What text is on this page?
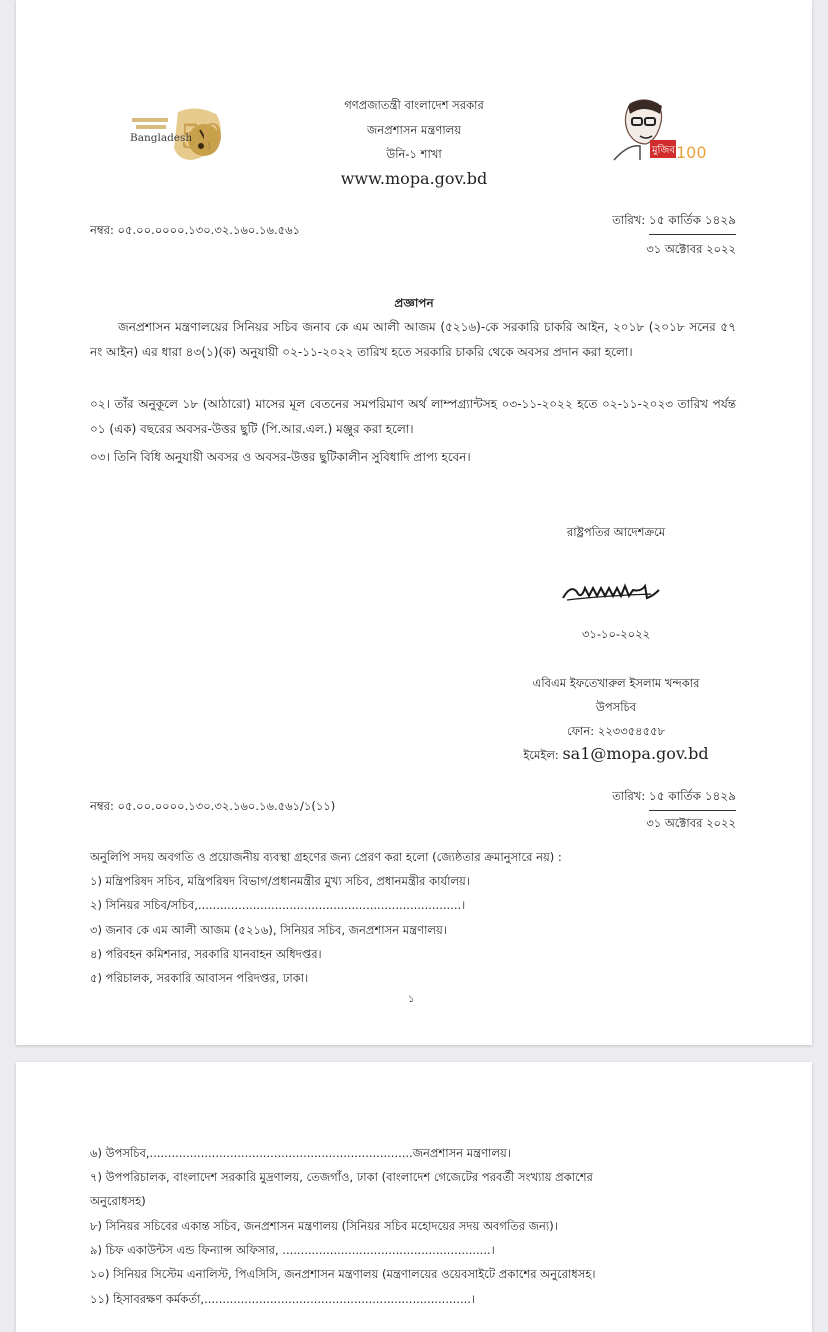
50
Bangladesh
মুজিব 100
গণপ্রজাতন্ত্রী বাংলাদেশ সরকার
জনপ্রশাসন মন্ত্রণালয়
উনি-১ শাখা
www.mopa.gov.bd
নম্বর: ০৫.০০.০০০০.১৩০.৩২.১৬০.১৬.৫৬১
তারিখ: ১৫ কার্তিক ১৪২৯
৩১ অক্টোবর ২০২২
প্রজ্ঞাপন
জনপ্রশাসন মন্ত্রণালয়ের সিনিয়র সচিব জনাব কে এম আলী আজম (৫২১৬)-কে সরকারি চাকরি আইন, ২০১৮ (২০১৮ সনের ৫৭ নং আইন) এর ধারা ৪৩(১)(ক) অনুযায়ী ০২-১১-২০২২ তারিখ হতে সরকারি চাকরি থেকে অবসর প্রদান করা হলো।
০২। তাঁর অনুকূলে ১৮ (আঠারো) মাসের মূল বেতনের সমপরিমাণ অর্থ লাম্পগ্র্যান্টসহ ০৩-১১-২০২২ হতে ০২-১১-২০২৩ তারিখ পর্যন্ত ০১ (এক) বছরের অবসর-উত্তর ছুটি (পি.আর.এল.) মঞ্জুর করা হলো।
০৩। তিনি বিধি অনুযায়ী অবসর ও অবসর-উত্তর ছুটিকালীন সুবিধাদি প্রাপ্য হবেন।
রাষ্ট্রপতির আদেশক্রমে
৩১-১০-২০২২
এবিএম ইফতেখারুল ইসলাম খন্দকার
উপসচিব
ফোন: ২২৩৩৫৪৫৫৮
ইমেইল: sa1@mopa.gov.bd
নম্বর: ০৫.০০.০০০০.১৩০.৩২.১৬০.১৬.৫৬১/১(১১)
তারিখ: ১৫ কার্তিক ১৪২৯
৩১ অক্টোবর ২০২২
অনুলিপি সদয় অবগতি ও প্রয়োজনীয় ব্যবস্থা গ্রহণের জন্য প্রেরণ করা হলো (জ্যেষ্ঠতার ক্রমানুসারে নয়) :
১) মন্ত্রিপরিষদ সচিব, মন্ত্রিপরিষদ বিভাগ/প্রধানমন্ত্রীর মুখ্য সচিব, প্রধানমন্ত্রীর কার্যালয়।
২) সিনিয়র সচিব/সচিব,........................................................................।
৩) জনাব কে এম আলী আজম (৫২১৬), সিনিয়র সচিব, জনপ্রশাসন মন্ত্রণালয়।
৪) পরিবহন কমিশনার, সরকারি যানবাহন অধিদপ্তর।
৫) পরিচালক, সরকারি আবাসন পরিদপ্তর, ঢাকা।
১
৬) উপসচিব,........................................................................জনপ্রশাসন মন্ত্রণালয়।
৭) উপপরিচালক, বাংলাদেশ সরকারি মুদ্রণালয়, তেজগাঁও, ঢাকা (বাংলাদেশ গেজেটের পরবর্তী সংখ্যায় প্রকাশের
অনুরোধসহ)
৮) সিনিয়র সচিবের একান্ত সচিব, জনপ্রশাসন মন্ত্রণালয় (সিনিয়র সচিব মহোদয়ের সদয় অবগতির জন্য)।
৯) চিফ একাউন্টস এন্ড ফিন্যান্স অফিসার, .........................................................।
১০) সিনিয়র সিস্টেম এনালিস্ট, পিএসিসি, জনপ্রশাসন মন্ত্রণালয় (মন্ত্রণালয়ের ওয়েবসাইটে প্রকাশের অনুরোধসহ।
১১) হিসাবরক্ষণ কর্মকর্তা,.........................................................................।
